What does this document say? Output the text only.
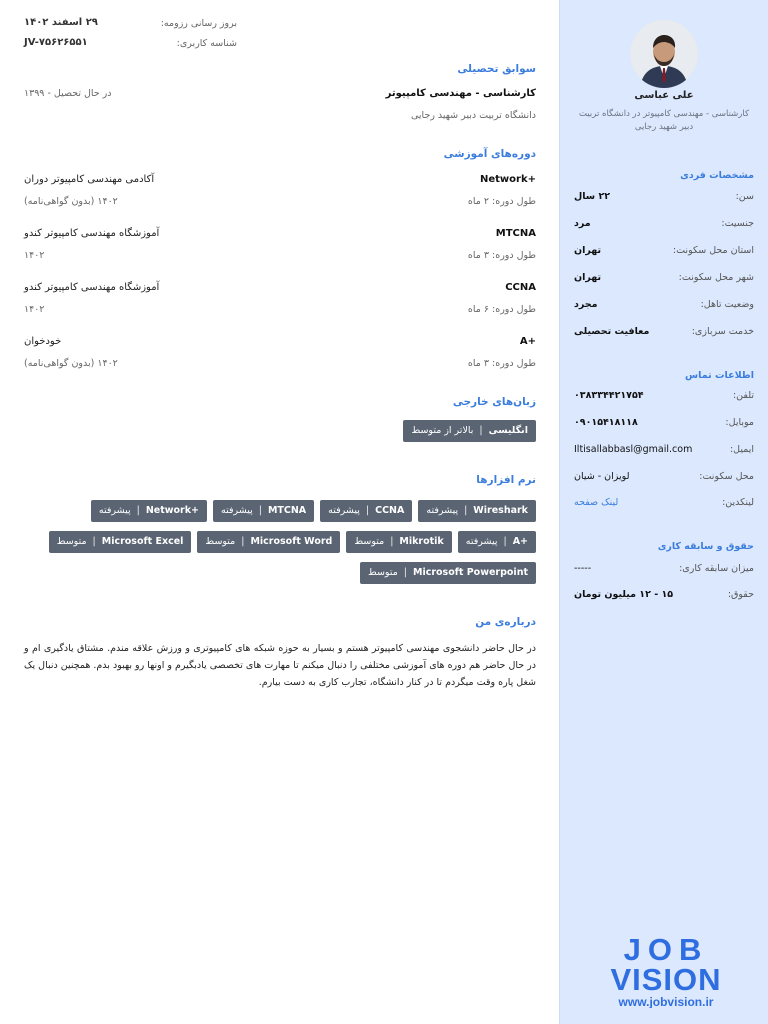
علی عباسی
کارشناسی - مهندسی کامپیوتر در دانشگاه تربیت دبیر شهید رجایی
مشخصات فردی
سن:
۲۲ سال
جنسیت:
مرد
استان محل سکونت:
تهران
شهر محل سکونت:
تهران
وضعیت تاهل:
مجرد
خدمت سربازی:
معافیت تحصیلی
اطلاعات تماس
تلفن:
۰۳۸۳۳۴۴۲۱۷۵۴
موبایل:
۰۹۰۱۵۴۱۸۱۱۸
ایمیل:
Iltisallabbasl@gmail.com
محل سکونت:
لویزان - شیان
لینکدین:
لینک صفحه
حقوق و سابقه کاری
میزان سابقه کاری:
-----
حقوق:
۱۵ - ۱۲ میلیون تومان
JOB
VISION
www.jobvision.ir
بروز رسانی رزومه:
۲۹ اسفند ۱۴۰۲
شناسه کاربری:
JV-۷۵۶۲۶۵۵۱
سوابق تحصیلی
کارشناسی - مهندسی کامپیوتر
در حال تحصیل - ۱۳۹۹
دانشگاه تربیت دبیر شهید رجایی
دوره‌های آموزشی
Network+
آکادمی مهندسی کامپیوتر دوران
طول دوره: ۲ ماه
۱۴۰۲ (بدون گواهی‌نامه)
MTCNA
آموزشگاه مهندسی کامپیوتر کندو
طول دوره: ۳ ماه
۱۴۰۲
CCNA
آموزشگاه مهندسی کامپیوتر کندو
طول دوره: ۶ ماه
۱۴۰۲
A+
خودخوان
طول دوره: ۳ ماه
۱۴۰۲ (بدون گواهی‌نامه)
زبان‌های خارجی
انگلیسی
|
بالاتر از متوسط
نرم افزارها
Wireshark
|
پیشرفته
CCNA
|
پیشرفته
MTCNA
|
پیشرفته
Network+
|
پیشرفته
A+
|
پیشرفته
Mikrotik
|
متوسط
Microsoft Word
|
متوسط
Microsoft Excel
|
متوسط
Microsoft Powerpoint
|
متوسط
درباره‌ی من
در حال حاضر دانشجوی مهندسی کامپیوتر هستم و بسیار به حوزه شبکه های کامپیوتری و ورزش علاقه مندم. مشتاق یادگیری ام و در حال حاضر هم دوره های آموزشی مختلفی را دنبال میکنم تا مهارت های تخصصی یادبگیرم و اونها رو بهبود بدم. همچنین دنبال یک شغل پاره وقت میگردم تا در کنار دانشگاه، تجارب کاری به دست بیارم.
